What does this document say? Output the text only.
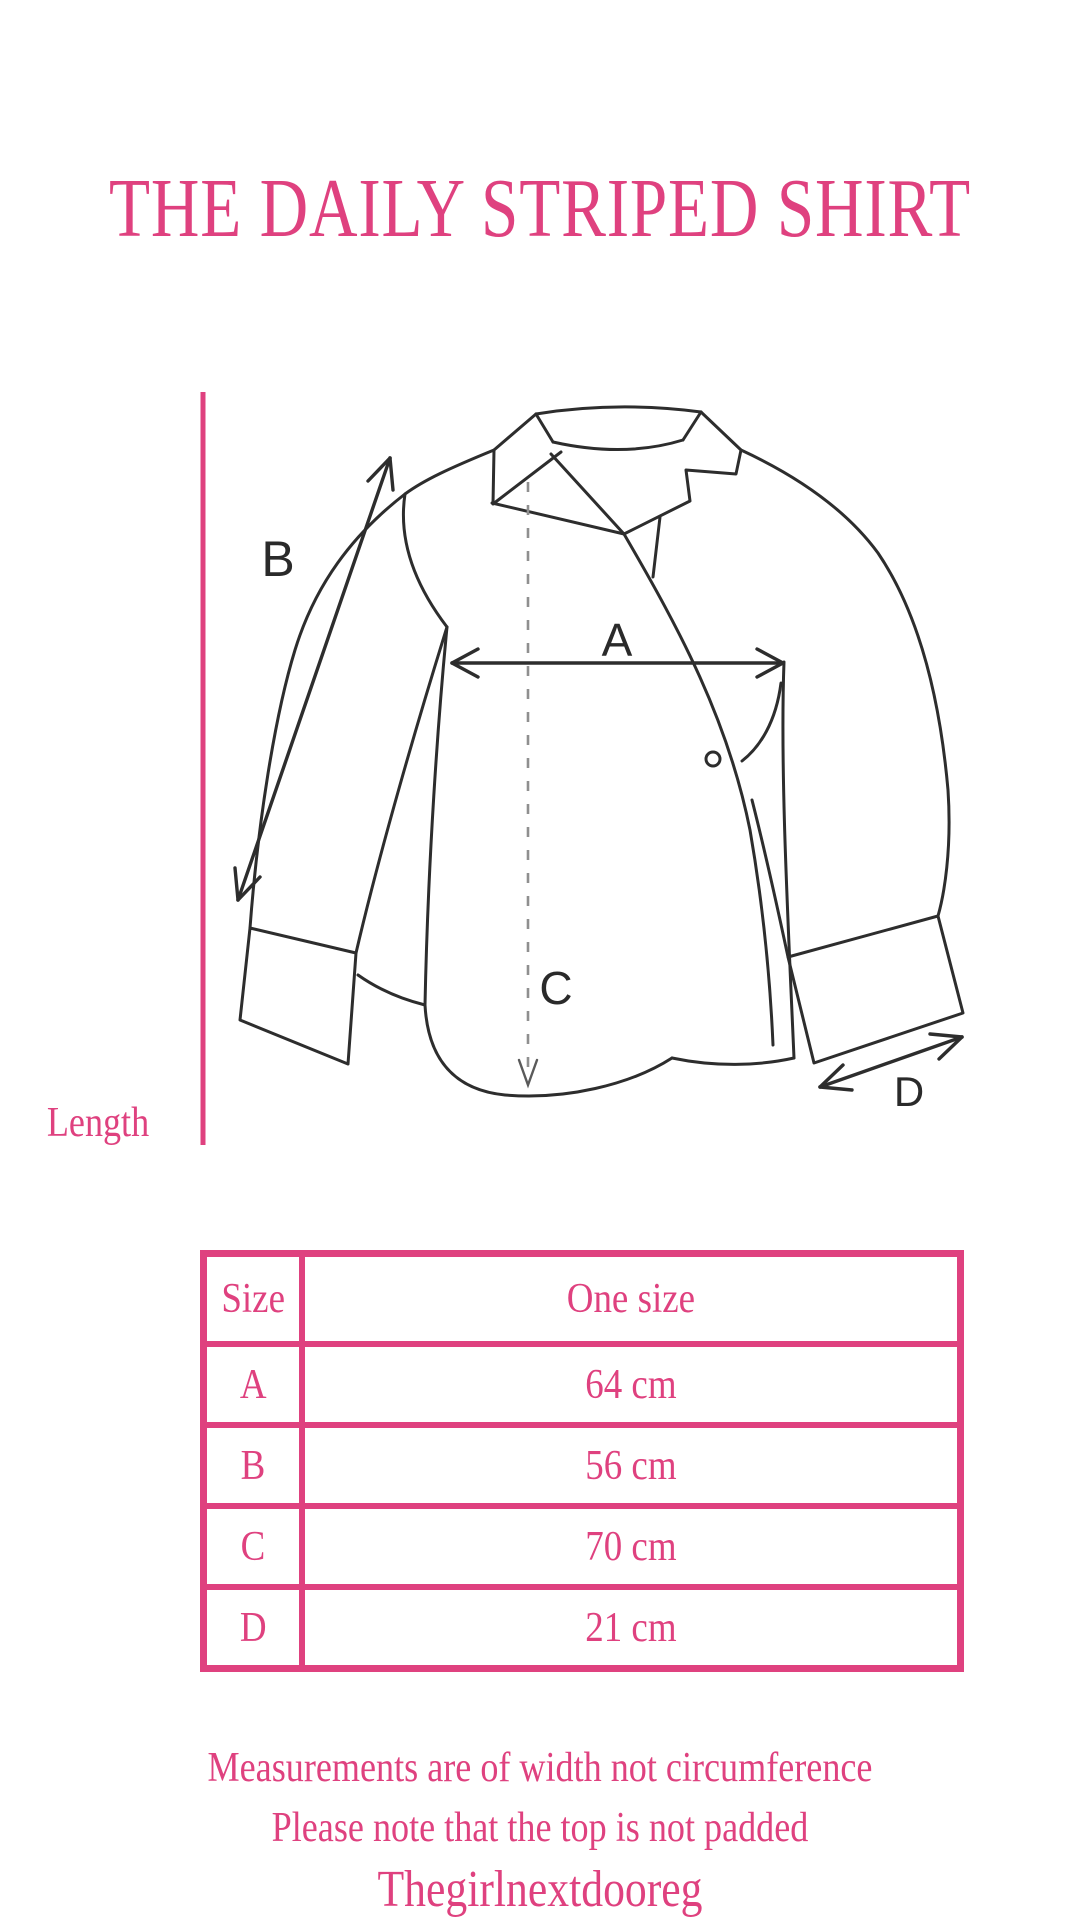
THE DAILY STRIPED SHIRT
A
B
C
D
Length
Size	One size
A	64 cm
B	56 cm
C	70 cm
D	21 cm

Measurements are of width not circumference

Please note that the top is not padded

Thegirlnextdooreg
